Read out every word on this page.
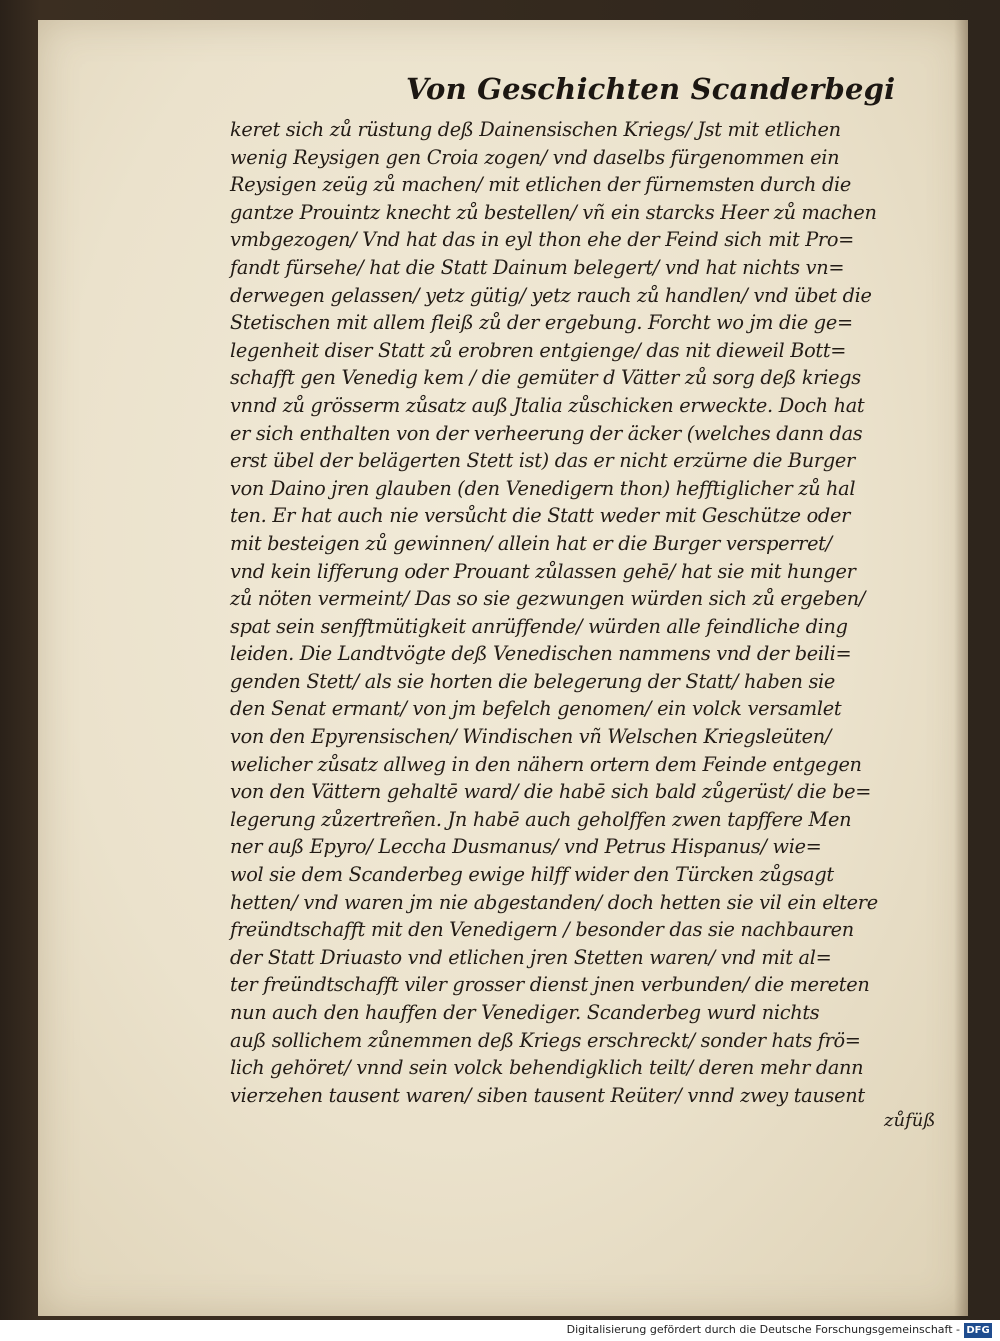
Von Geschichten Scanderbegi
keret sich zů rüstung deß Dainensischen Kriegs/ Jst mit etlichen
wenig Reysigen gen Croia zogen/ vnd daselbs fürgenommen ein
Reysigen zeüg zů machen/ mit etlichen der fürnemsten durch die
gantze Prouintz knecht zů bestellen/ vñ ein starcks Heer zů machen
vmbgezogen/ Vnd hat das in eyl thon ehe der Feind sich mit Pro=
fandt fürsehe/ hat die Statt Dainum belegert/ vnd hat nichts vn=
derwegen gelassen/ yetz gütig/ yetz rauch zů handlen/ vnd übet die
Stetischen mit allem fleiß zů der ergebung. Forcht wo jm die ge=
legenheit diser Statt zů erobren entgienge/ das nit dieweil Bott=
schafft gen Venedig kem / die gemüter d Vätter zů sorg deß kriegs
vnnd zů grösserm zůsatz auß Jtalia zůschicken erweckte. Doch hat
er sich enthalten von der verheerung der äcker (welches dann das
erst übel der belägerten Stett ist) das er nicht erzürne die Burger
von Daino jren glauben (den Venedigern thon) hefftiglicher zů hal
ten. Er hat auch nie versůcht die Statt weder mit Geschütze oder
mit besteigen zů gewinnen/ allein hat er die Burger versperret/
vnd kein lifferung oder Prouant zůlassen gehē/ hat sie mit hunger
zů nöten vermeint/ Das so sie gezwungen würden sich zů ergeben/
spat sein senfftmütigkeit anrüffende/ würden alle feindliche ding
leiden. Die Landtvögte deß Venedischen nammens vnd der beili=
genden Stett/ als sie horten die belegerung der Statt/ haben sie
den Senat ermant/ von jm befelch genomen/ ein volck versamlet
von den Epyrensischen/ Windischen vñ Welschen Kriegsleüten/
welicher zůsatz allweg in den nähern ortern dem Feinde entgegen
von den Vättern gehaltē ward/ die habē sich bald zůgerüst/ die be=
legerung zůzertreñen. Jn habē auch geholffen zwen tapffere Men
ner auß Epyro/ Leccha Dusmanus/ vnd Petrus Hispanus/ wie=
wol sie dem Scanderbeg ewige hilff wider den Türcken zůgsagt
hetten/ vnd waren jm nie abgestanden/ doch hetten sie vil ein eltere
freündtschafft mit den Venedigern / besonder das sie nachbauren
der Statt Driuasto vnd etlichen jren Stetten waren/ vnd mit al=
ter freündtschafft viler grosser dienst jnen verbunden/ die mereten
nun auch den hauffen der Venediger. Scanderbeg wurd nichts
auß sollichem zůnemmen deß Kriegs erschreckt/ sonder hats frö=
lich gehöret/ vnnd sein volck behendigklich teilt/ deren mehr dann
vierzehen tausent waren/ siben tausent Reüter/ vnnd zwey tausent
zůfüß
Digitalisierung gefördert durch die Deutsche Forschungsgemeinschaft - DFG
